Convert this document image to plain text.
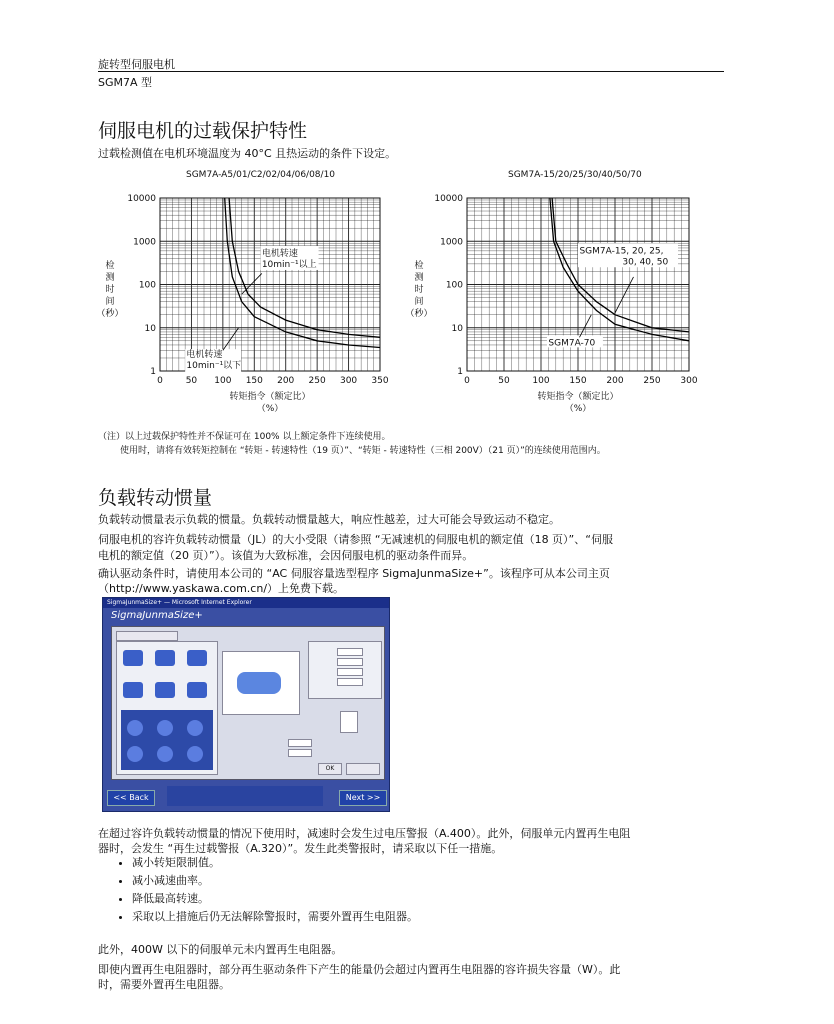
旋转型伺服电机
SGM7A 型
伺服电机的过载保护特性
过载检测值在电机环境温度为 40°C 且热运动的条件下设定。
SGM7A-A5/01/C2/02/04/06/08/10
0	50 100 150 200 250 300 350
1
10
100
1000
10000
检
测
时
间
（秒）
转矩指令（额定比）
（%）
电机转速
10min⁻¹以上
电机转速
10min⁻¹以下
SGM7A-15/20/25/30/40/50/70
0	50	100 150 200 250 300
1
10
100
1000
10000
检
测
时
间
（秒）
转矩指令（额定比）
（%）
SGM7A-15, 20, 25,
30, 40, 50
SGM7A-70
（注）以上过载保护特性并不保证可在 100% 以上额定条件下连续使用。
使用时，请将有效转矩控制在 “转矩 - 转速特性（19 页）”、“转矩 - 转速特性（三相 200V）（21 页）”的连续使用范围内。
负载转动惯量
负载转动惯量表示负载的惯量。负载转动惯量越大，响应性越差，过大可能会导致运动不稳定。
伺服电机的容许负载转动惯量（JL）的大小受限（请参照 “无减速机的伺服电机的额定值（18 页）”、“伺服
电机的额定值（20 页）”）。该值为大致标准，会因伺服电机的驱动条件而异。
确认驱动条件时，请使用本公司的 “AC 伺服容量选型程序 SigmaJunmaSize+”。该程序可从本公司主页
（http://www.yaskawa.com.cn/）上免费下载。
SigmaJunmaSize+ — Microsoft Internet Explorer
SigmaJunmaSize+
OK
<< Back	Next >>
在超过容许负载转动惯量的情况下使用时，减速时会发生过电压警报（A.400）。此外，伺服单元内置再生电阻
器时，会发生 “再生过载警报（A.320）”。发生此类警报时，请采取以下任一措施。
• 减小转矩限制值。
• 减小减速曲率。
• 降低最高转速。
• 采取以上措施后仍无法解除警报时，需要外置再生电阻器。
此外，400W 以下的伺服单元未内置再生电阻器。
即使内置再生电阻器时，部分再生驱动条件下产生的能量仍会超过内置再生电阻器的容许损失容量（W）。此
时，需要外置再生电阻器。
